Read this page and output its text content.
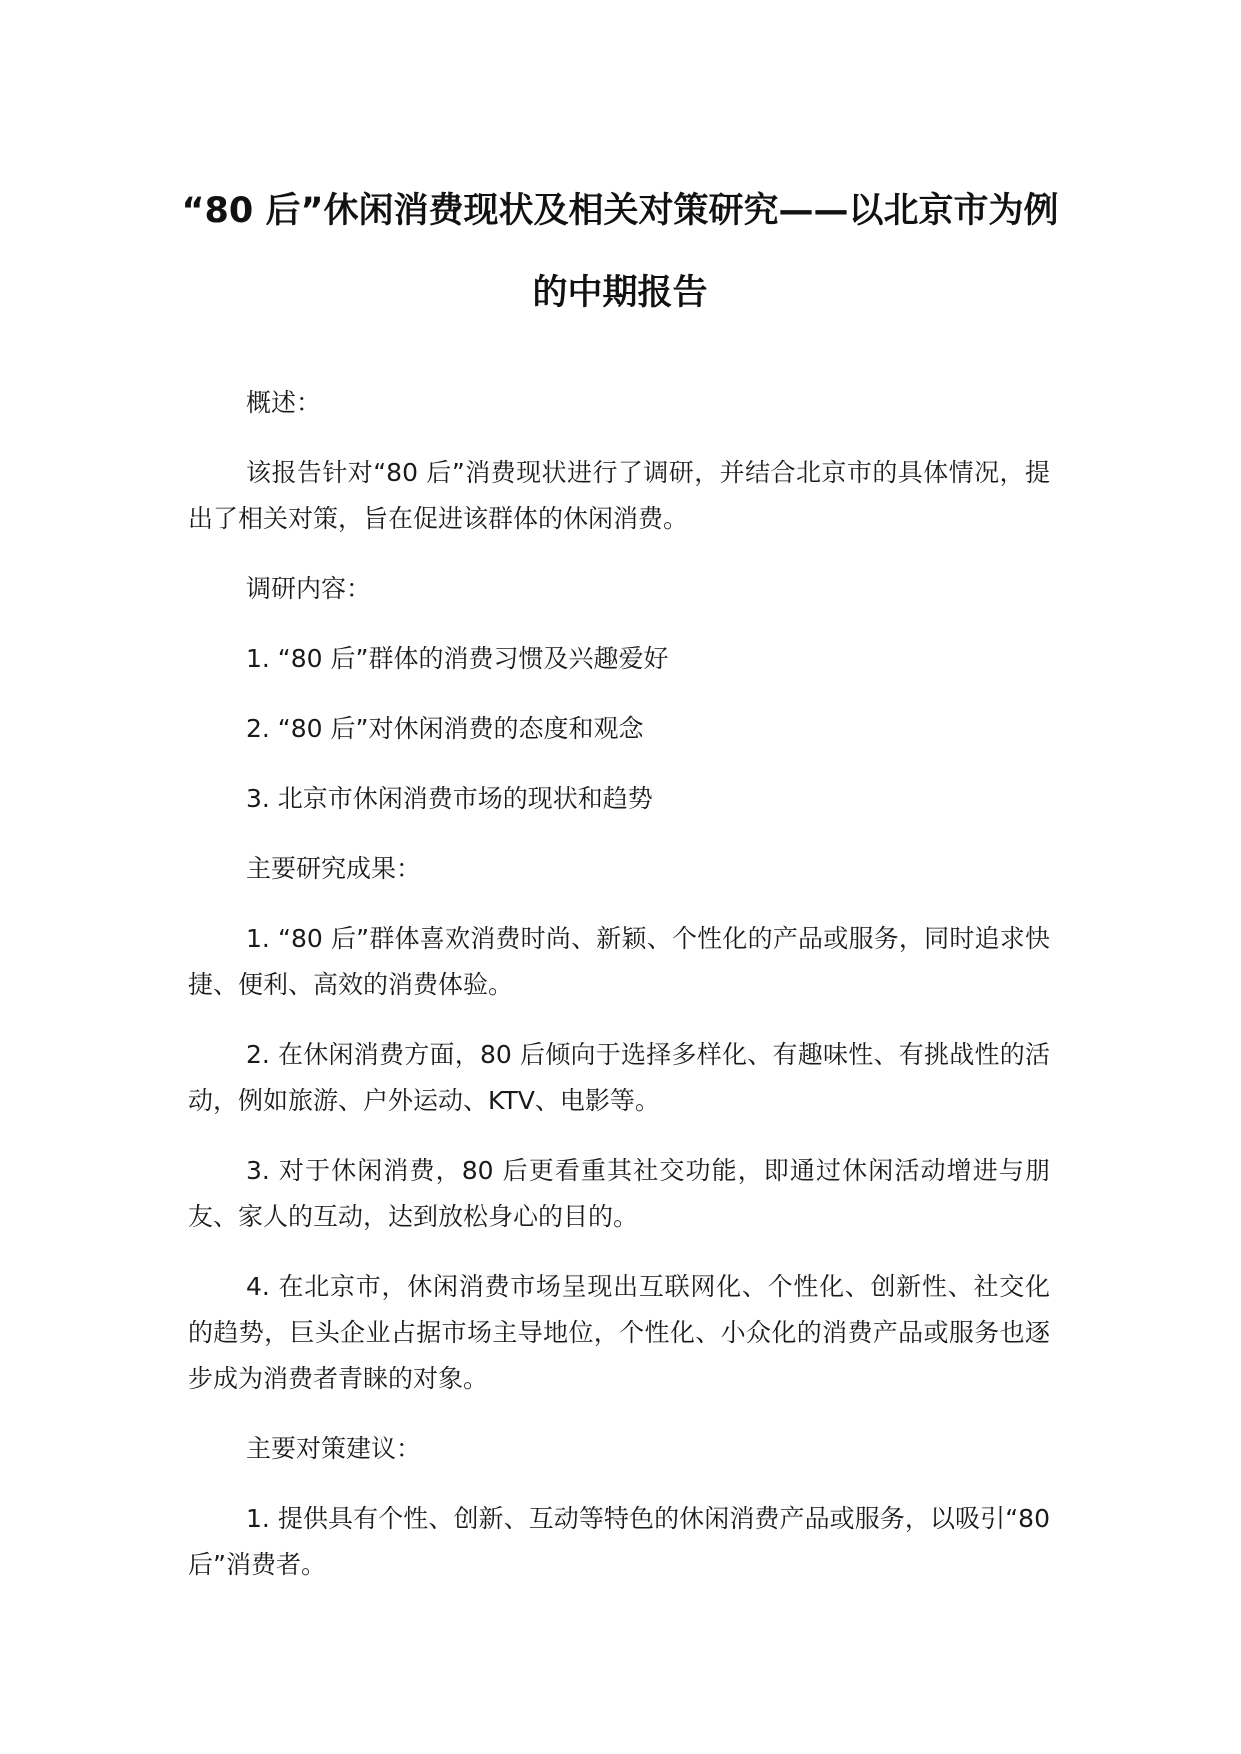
“80 后”休闲消费现状及相关对策研究——以北京市为例的中期报告

概述：

该报告针对“80 后”消费现状进行了调研，并结合北京市的具体情况，提出了相关对策，旨在促进该群体的休闲消费。

调研内容：

1. “80 后”群体的消费习惯及兴趣爱好

2. “80 后”对休闲消费的态度和观念

3. 北京市休闲消费市场的现状和趋势

主要研究成果：

1. “80 后”群体喜欢消费时尚、新颖、个性化的产品或服务，同时追求快捷、便利、高效的消费体验。

2. 在休闲消费方面，80 后倾向于选择多样化、有趣味性、有挑战性的活动，例如旅游、户外运动、KTV、电影等。

3. 对于休闲消费，80 后更看重其社交功能，即通过休闲活动增进与朋友、家人的互动，达到放松身心的目的。

4. 在北京市，休闲消费市场呈现出互联网化、个性化、创新性、社交化的趋势，巨头企业占据市场主导地位，个性化、小众化的消费产品或服务也逐步成为消费者青睐的对象。

主要对策建议：

1. 提供具有个性、创新、互动等特色的休闲消费产品或服务，以吸引“80 后”消费者。
